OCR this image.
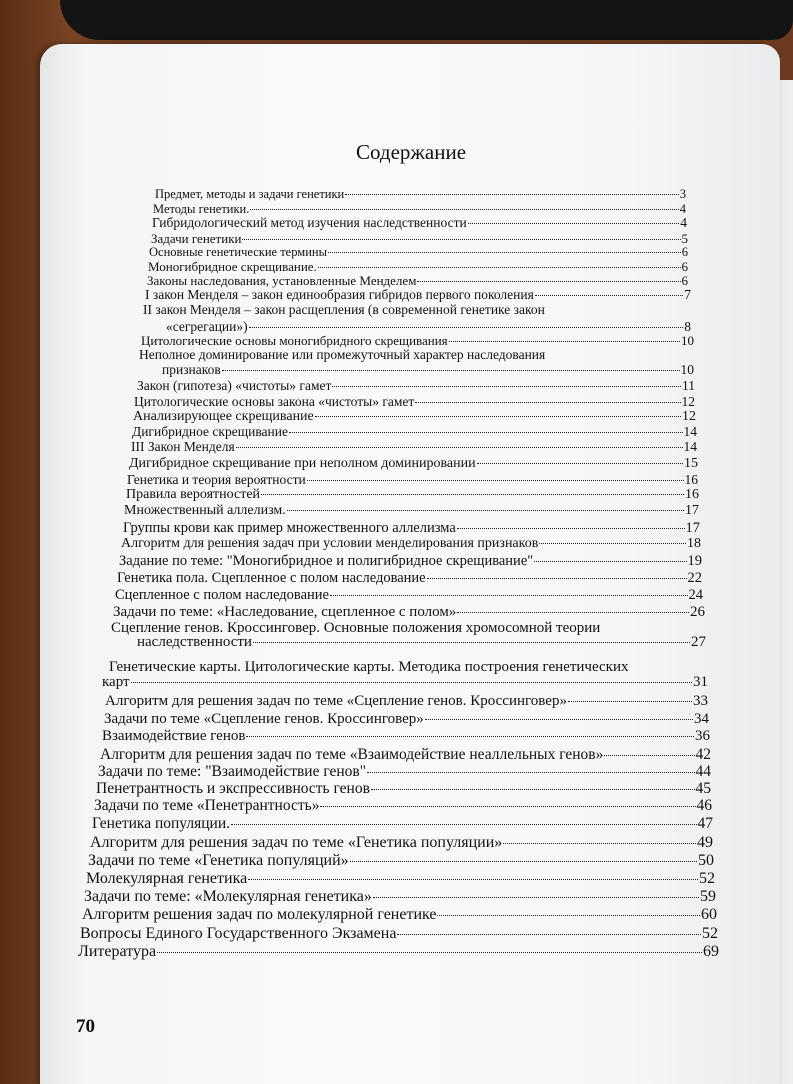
Содержание
Предмет, методы и задачи генетики	3
Методы генетики.	4
Гибридологический метод изучения наследственности	4
Задачи генетики	5
Основные генетические термины	6
Моногибридное скрещивание.	6
Законы наследования, установленные Менделем	6
I закон Менделя – закон единообразия гибридов первого поколения	7
II закон Менделя – закон расщепления (в современной генетике закон
«сегрегации»)	8
Цитологические основы моногибридного скрещивания	10
Неполное доминирование или промежуточный характер наследования
признаков	10
Закон (гипотеза) «чистоты» гамет	11
Цитологические основы закона «чистоты» гамет	12
Анализирующее скрещивание	12
Дигибридное скрещивание	14
III Закон Менделя	14
Дигибридное скрещивание при неполном доминировании	15
Генетика и теория вероятности	16
Правила вероятностей	16
Множественный аллелизм.	17
Группы крови как пример множественного аллелизма	17
Алгоритм для решения задач при условии менделирования признаков	18
Задание по теме: "Моногибридное и полигибридное скрещивание"	19
Генетика пола. Сцепленное с полом наследование	22
Сцепленное с полом наследование	24
Задачи по теме: «Наследование, сцепленное с полом»	26
Сцепление генов. Кроссинговер. Основные положения хромосомной теории
наследственности	27
Генетические карты. Цитологические карты. Методика построения генетических
карт	31
Алгоритм для решения задач по теме «Сцепление генов. Кроссинговер»	33
Задачи по теме «Сцепление генов. Кроссинговер»	34
Взаимодействие генов	36
Алгоритм для решения задач по теме «Взаимодействие неаллельных генов»	42
Задачи по теме: "Взаимодействие генов"	44
Пенетрантность и экспрессивность генов	45
Задачи по теме «Пенетрантность»	46
Генетика популяции.	47
Алгоритм для решения задач по теме «Генетика популяции»	49
Задачи по теме «Генетика популяций»	50
Молекулярная генетика	52
Задачи по теме: «Молекулярная генетика»	59
Алгоритм решения задач по молекулярной генетике	60
Вопросы Единого Государственного Экзамена	52
Литература	69
70
